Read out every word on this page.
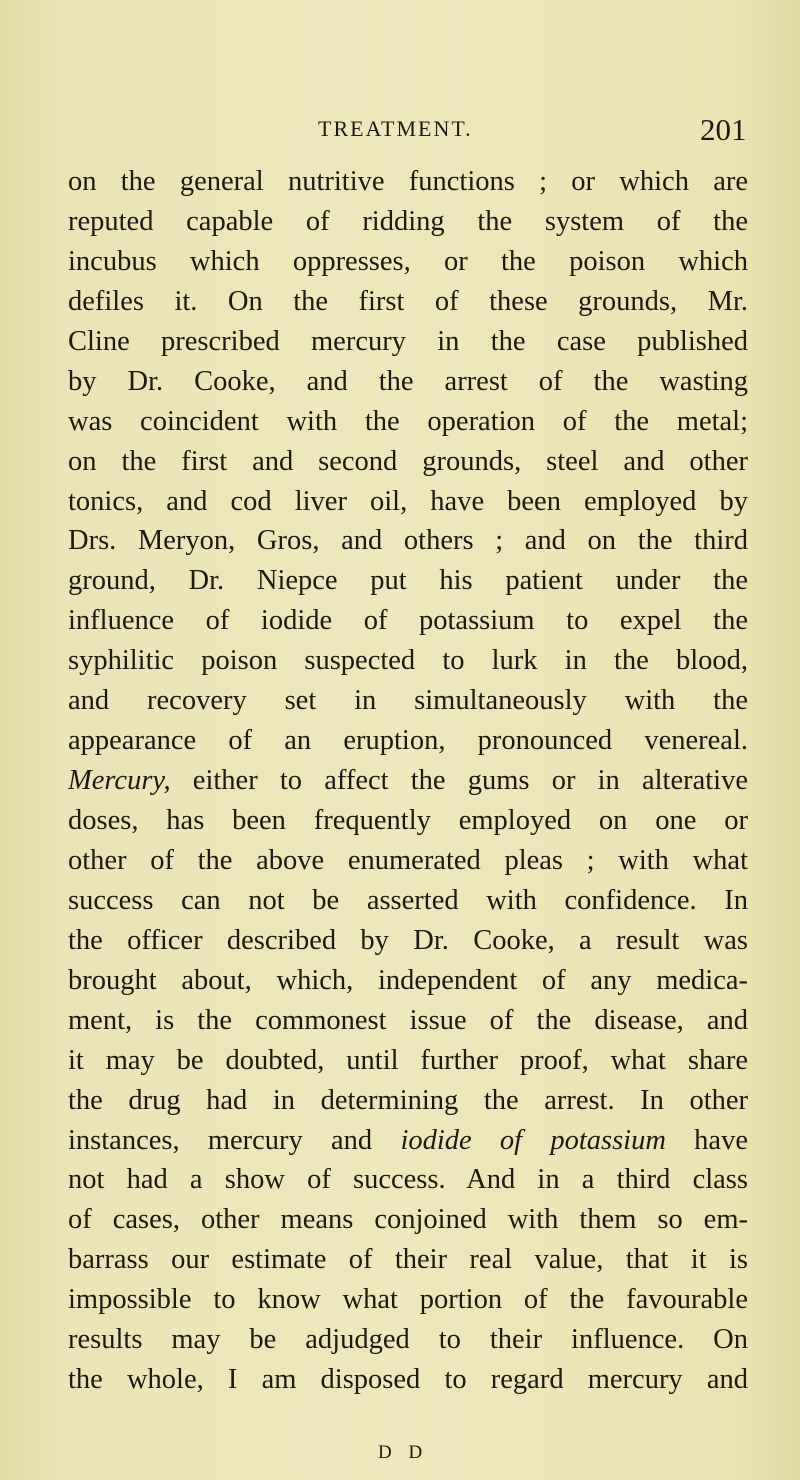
TREATMENT.	201
on the general nutritive functions ; or which are
reputed capable of ridding the system of the
incubus which oppresses, or the poison which
defiles it. On the first of these grounds, Mr.
Cline prescribed mercury in the case published
by Dr. Cooke, and the arrest of the wasting
was coincident with the operation of the metal;
on the first and second grounds, steel and other
tonics, and cod liver oil, have been employed by
Drs. Meryon, Gros, and others ; and on the third
ground, Dr. Niepce put his patient under the
influence of iodide of potassium to expel the
syphilitic poison suspected to lurk in the blood,
and recovery set in simultaneously with the
appearance of an eruption, pronounced venereal.
Mercury, either to affect the gums or in alterative
doses, has been frequently employed on one or
other of the above enumerated pleas ; with what
success can not be asserted with confidence. In
the officer described by Dr. Cooke, a result was
brought about, which, independent of any medica-
ment, is the commonest issue of the disease, and
it may be doubted, until further proof, what share
the drug had in determining the arrest. In other
instances, mercury and iodide of potassium have
not had a show of success. And in a third class
of cases, other means conjoined with them so em-
barrass our estimate of their real value, that it is
impossible to know what portion of the favourable
results may be adjudged to their influence. On
the whole, I am disposed to regard mercury and
D D
